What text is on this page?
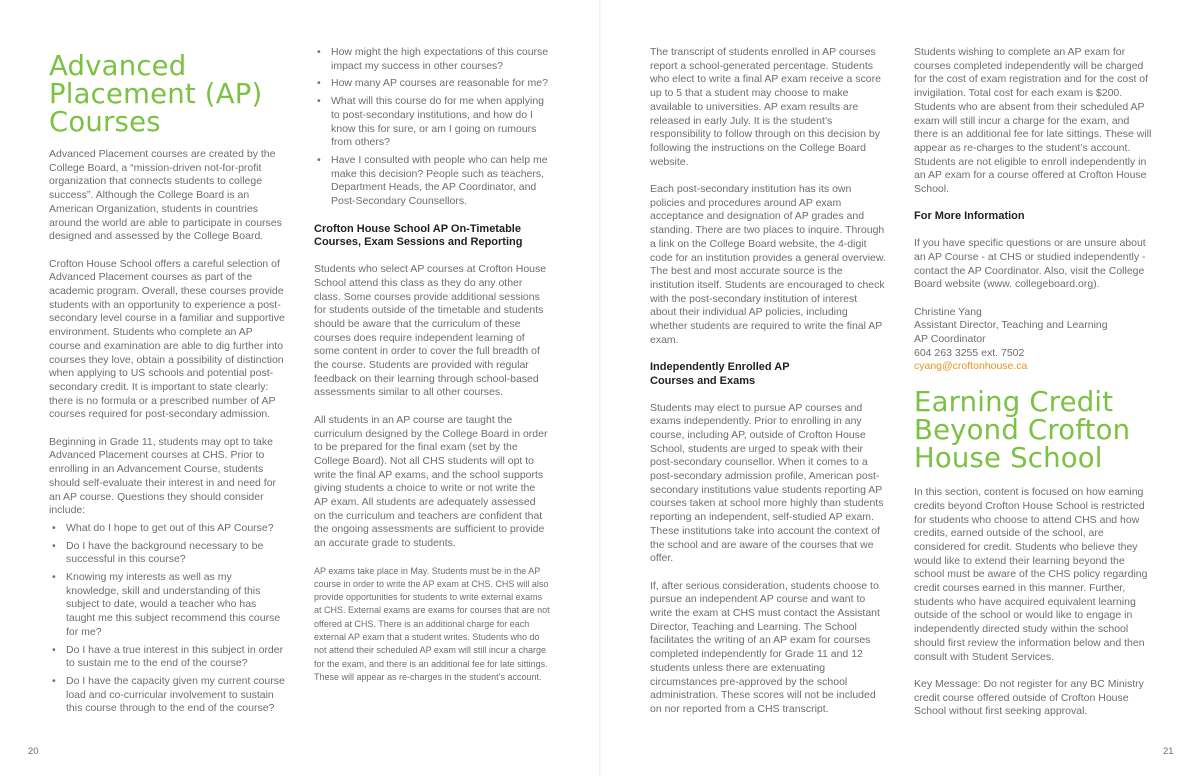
Advanced Placement (AP) Courses

Advanced Placement courses are created by the College Board, a “mission-driven not-for-profit organization that connects students to college success”. Although the College Board is an American Organization, students in countries around the world are able to participate in courses designed and assessed by the College Board.

Crofton House School offers a careful selection of Advanced Placement courses as part of the academic program. Overall, these courses provide students with an opportunity to experience a post-secondary level course in a familiar and supportive environment. Students who complete an AP course and examination are able to dig further into courses they love, obtain a possibility of distinction when applying to US schools and potential post-secondary credit. It is important to state clearly: there is no formula or a prescribed number of AP courses required for post-secondary admission.

Beginning in Grade 11, students may opt to take Advanced Placement courses at CHS. Prior to enrolling in an Advancement Course, students should self-evaluate their interest in and need for an AP course. Questions they should consider include:

• What do I hope to get out of this AP Course?
• Do I have the background necessary to be successful in this course?
• Knowing my interests as well as my knowledge, skill and understanding of this subject to date, would a teacher who has taught me this subject recommend this course for me?
• Do I have a true interest in this subject in order to sustain me to the end of the course?
• Do I have the capacity given my current course load and co-curricular involvement to sustain this course through to the end of the course?
• How might the high expectations of this course impact my success in other courses?
• How many AP courses are reasonable for me?
• What will this course do for me when applying to post-secondary institutions, and how do I know this for sure, or am I going on rumours from others?
• Have I consulted with people who can help me make this decision? People such as teachers, Department Heads, the AP Coordinator, and Post-Secondary Counsellors.
Crofton House School AP On-Timetable Courses, Exam Sessions and Reporting

Students who select AP courses at Crofton House School attend this class as they do any other class. Some courses provide additional sessions for students outside of the timetable and students should be aware that the curriculum of these courses does require independent learning of some content in order to cover the full breadth of the course. Students are provided with regular feedback on their learning through school-based assessments similar to all other courses.

All students in an AP course are taught the curriculum designed by the College Board in order to be prepared for the final exam (set by the College Board). Not all CHS students will opt to write the final AP exams, and the school supports giving students a choice to write or not write the AP exam. All students are adequately assessed on the curriculum and teachers are confident that the ongoing assessments are sufficient to provide an accurate grade to students.

AP exams take place in May. Students must be in the AP course in order to write the AP exam at CHS. CHS will also provide opportunities for students to write external exams at CHS. External exams are exams for courses that are not offered at CHS. There is an additional charge for each external AP exam that a student writes. Students who do not attend their scheduled AP exam will still incur a charge for the exam, and there is an additional fee for late sittings. These will appear as re-charges in the student’s account.

The transcript of students enrolled in AP courses report a school-generated percentage. Students who elect to write a final AP exam receive a score up to 5 that a student may choose to make available to universities. AP exam results are released in early July. It is the student’s responsibility to follow through on this decision by following the instructions on the College Board website.

Each post-secondary institution has its own policies and procedures around AP exam acceptance and designation of AP grades and standing. There are two places to inquire. Through a link on the College Board website, the 4-digit code for an institution provides a general overview. The best and most accurate source is the institution itself. Students are encouraged to check with the post-secondary institution of interest about their individual AP policies, including whether students are required to write the final AP exam.

Independently Enrolled AP Courses and Exams

Students may elect to pursue AP courses and exams independently. Prior to enrolling in any course, including AP, outside of Crofton House School, students are urged to speak with their post-secondary counsellor. When it comes to a post-secondary admission profile, American post-secondary institutions value students reporting AP courses taken at school more highly than students reporting an independent, self-studied AP exam. These institutions take into account the context of the school and are aware of the courses that we offer.

If, after serious consideration, students choose to pursue an independent AP course and want to write the exam at CHS must contact the Assistant Director, Teaching and Learning. The School facilitates the writing of an AP exam for courses completed independently for Grade 11 and 12 students unless there are extenuating circumstances pre-approved by the school administration. These scores will not be included on nor reported from a CHS transcript.

Students wishing to complete an AP exam for courses completed independently will be charged for the cost of exam registration and for the cost of invigilation. Total cost for each exam is $200. Students who are absent from their scheduled AP exam will still incur a charge for the exam, and there is an additional fee for late sittings. These will appear as re-charges to the student’s account. Students are not eligible to enroll independently in an AP exam for a course offered at Crofton House School.

For More Information

If you have specific questions or are unsure about an AP Course - at CHS or studied independently - contact the AP Coordinator. Also, visit the College Board website (www. collegeboard.org).

Christine Yang
Assistant Director, Teaching and Learning
AP Coordinator
604 263 3255 ext. 7502
cyang@croftonhouse.ca
Earning Credit Beyond Crofton House School

In this section, content is focused on how earning credits beyond Crofton House School is restricted for students who choose to attend CHS and how credits, earned outside of the school, are considered for credit. Students who believe they would like to extend their learning beyond the school must be aware of the CHS policy regarding credit courses earned in this manner. Further, students who have acquired equivalent learning outside of the school or would like to engage in independently directed study within the school should first review the information below and then consult with Student Services.

Key Message: Do not register for any BC Ministry credit course offered outside of Crofton House School without first seeking approval.

20	21
